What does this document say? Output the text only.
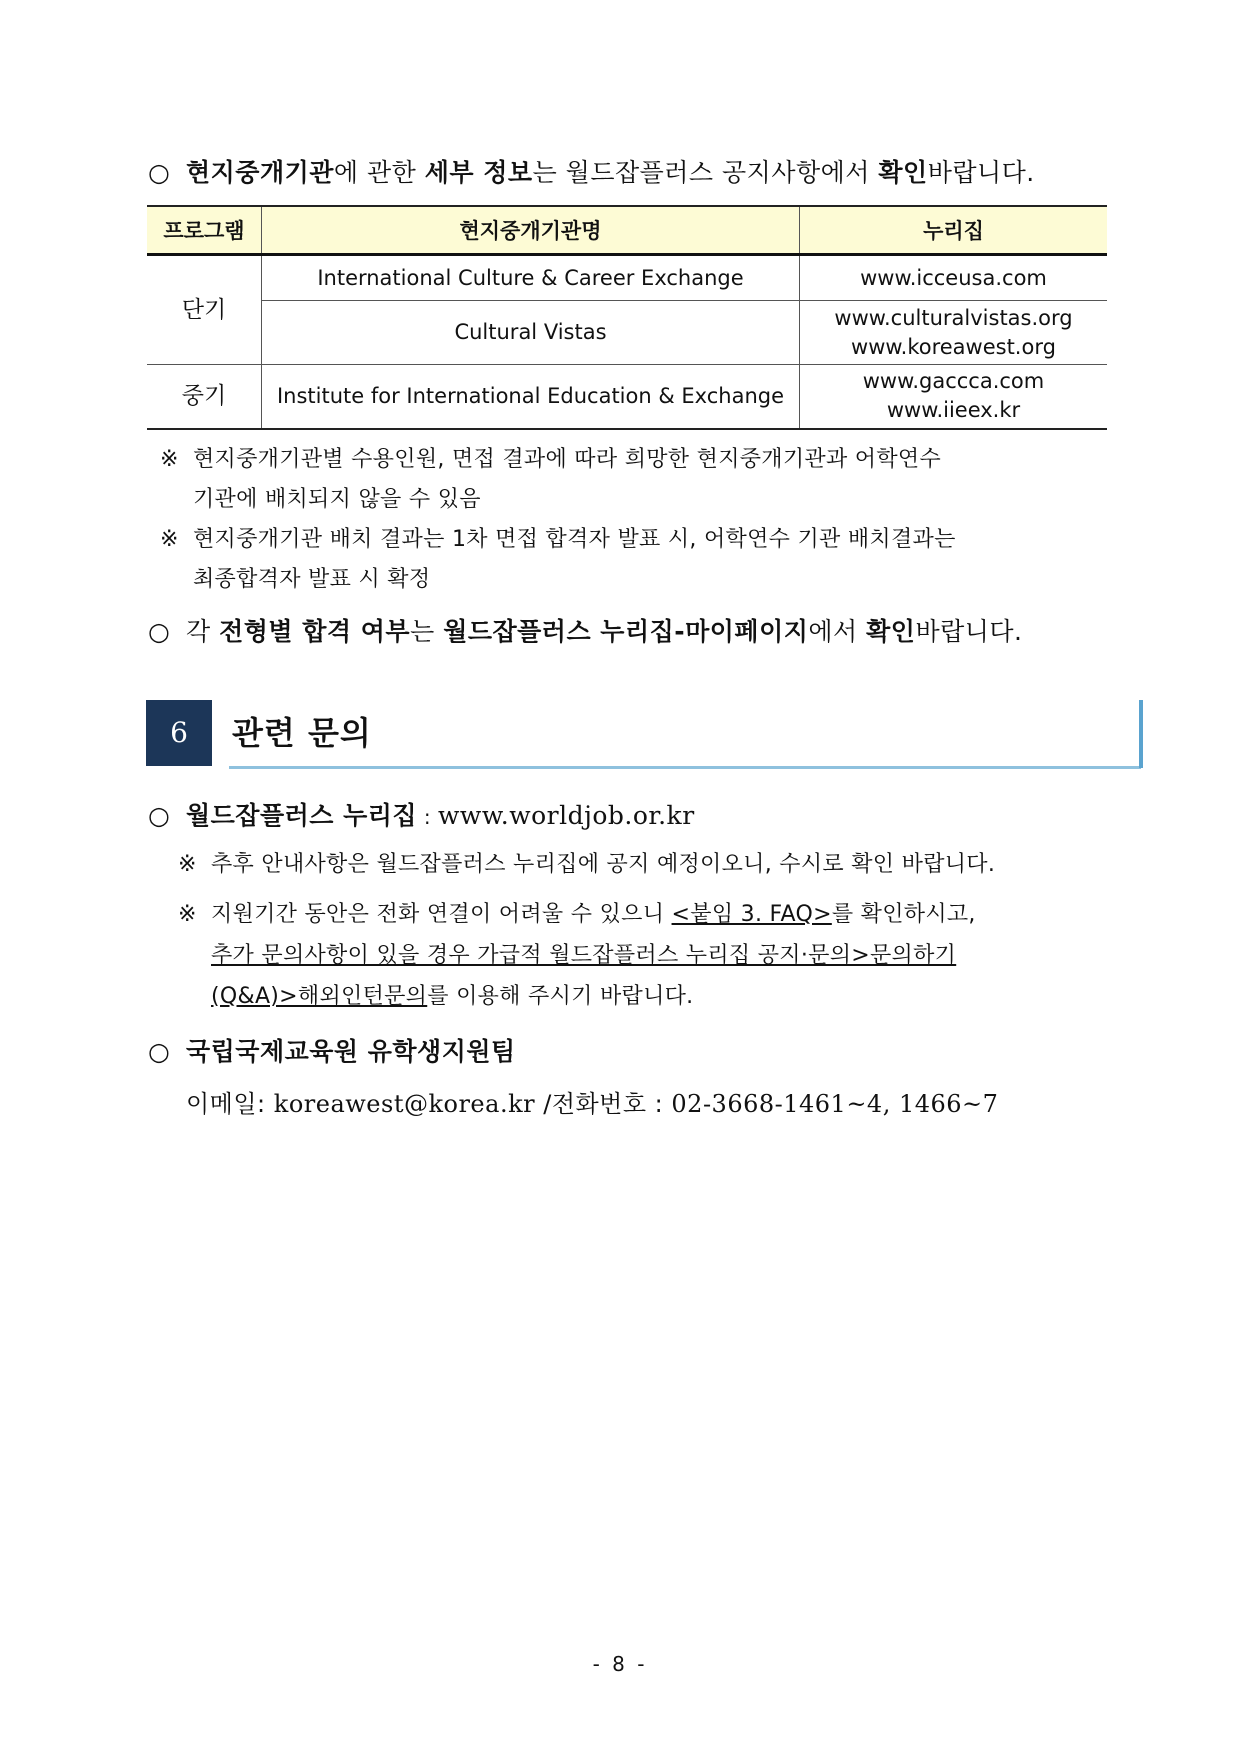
○ 현지중개기관에 관한 세부 정보는 월드잡플러스 공지사항에서 확인바랍니다.
프로그램	현지중개기관명	누리집
단기	International Culture & Career Exchange	www.icceusa.com
	Cultural Vistas	www.culturalvistas.org
www.koreawest.org

중기	Institute for International Education & Exchange	www.gaccca.com
www.iieex.kr
※ 현지중개기관별 수용인원, 면접 결과에 따라 희망한 현지중개기관과 어학연수
기관에 배치되지 않을 수 있음
※ 현지중개기관 배치 결과는 1차 면접 합격자 발표 시, 어학연수 기관 배치결과는
최종합격자 발표 시 확정
○ 각 전형별 합격 여부는 월드잡플러스 누리집-마이페이지에서 확인바랍니다.
6	관련 문의
○ 월드잡플러스 누리집 : www.worldjob.or.kr
※ 추후 안내사항은 월드잡플러스 누리집에 공지 예정이오니, 수시로 확인 바랍니다.
※ 지원기간 동안은 전화 연결이 어려울 수 있으니 <붙임 3. FAQ>를 확인하시고,
추가 문의사항이 있을 경우 가급적 월드잡플러스 누리집 공지·문의>문의하기
(Q&A)>해외인턴문의를 이용해 주시기 바랍니다.
○ 국립국제교육원 유학생지원팀
이메일: koreawest@korea.kr /전화번호 : 02-3668-1461~4, 1466~7
- 8 -
